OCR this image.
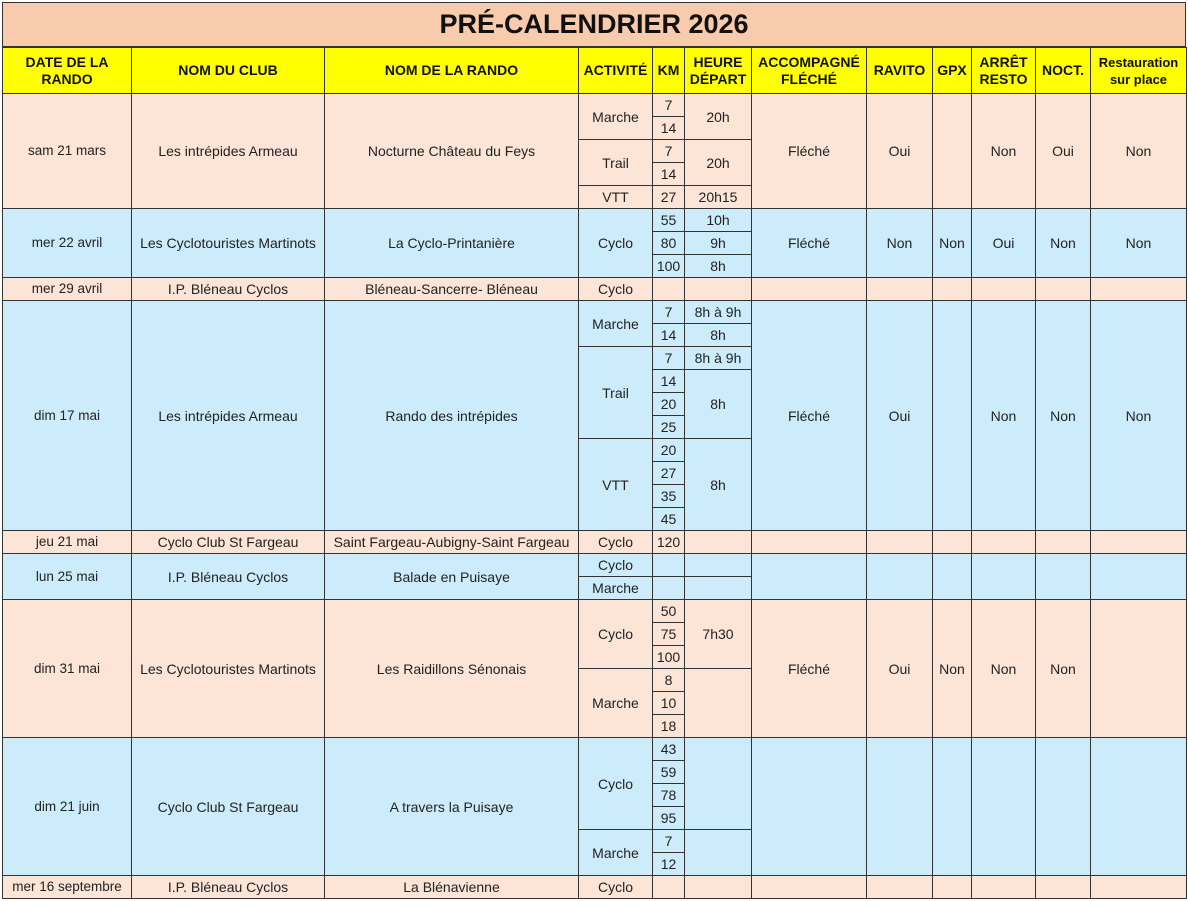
PRÉ-CALENDRIER 2026
DATE DE LA RANDO	NOM DU CLUB	NOM DE LA RANDO	ACTIVITÉ	KM	HEURE DÉPART	ACCOMPAGNÉ FLÉCHÉ	RAVITO	GPX	ARRÊT RESTO	NOCT.	Restauration sur place
sam 21 mars	Les intrépides Armeau	Nocturne Château du Feys	Marche	7	20h	Fléché	Oui		Non	Oui	Non
				14							
			Trail	7	20h						
				14							
			VTT	27	20h15						
mer 22 avril	Les Cyclotouristes Martinots	La Cyclo-Printanière	Cyclo	55	10h	Fléché	Non	Non	Oui	Non	Non
				80	9h						
				100	8h						
mer 29 avril	I.P. Bléneau Cyclos	Bléneau-Sancerre- Bléneau	Cyclo								
dim 17 mai	Les intrépides Armeau	Rando des intrépides	Marche	7	8h à 9h	Fléché	Oui		Non	Non	Non
				14	8h						
			Trail	7	8h à 9h						
				14	8h						
				20							
				25							
			VTT	20	8h						
				27							
				35							
				45							
jeu 21 mai	Cyclo Club St Fargeau	Saint Fargeau-Aubigny-Saint Fargeau	Cyclo	120							
lun 25 mai	I.P. Bléneau Cyclos	Balade en Puisaye	Cyclo								
			Marche								
dim 31 mai	Les Cyclotouristes Martinots	Les Raidillons Sénonais	Cyclo	50	7h30	Fléché	Oui	Non	Non	Non	
				75							
				100							
			Marche	8							
				10							
				18							
dim 21 juin	Cyclo Club St Fargeau	A travers la Puisaye	Cyclo	43							
				59							
				78							
				95							
			Marche	7							
				12							
mer 16 septembre	I.P. Bléneau Cyclos	La Blénavienne	Cyclo								
